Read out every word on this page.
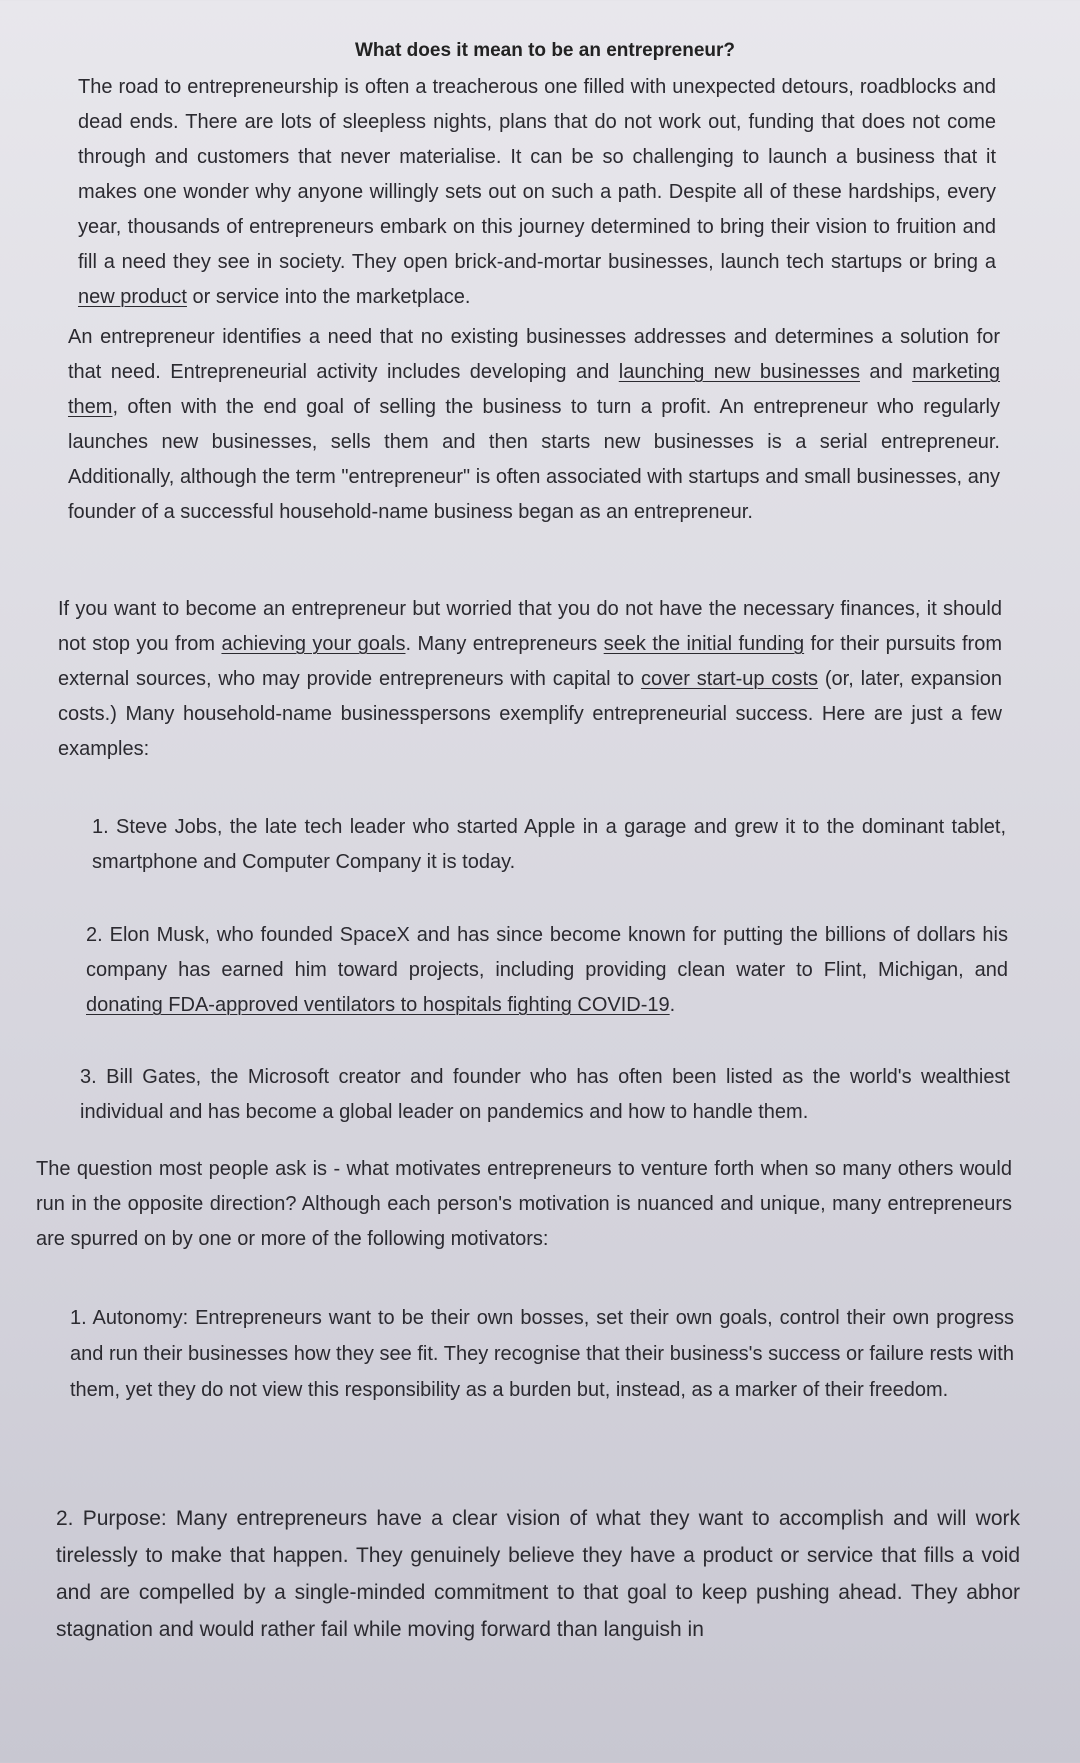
What does it mean to be an entrepreneur?

The road to entrepreneurship is often a treacherous one filled with unexpected detours, roadblocks and dead ends. There are lots of sleepless nights, plans that do not work out, funding that does not come through and customers that never materialise. It can be so challenging to launch a business that it makes one wonder why anyone willingly sets out on such a path. Despite all of these hardships, every year, thousands of entrepreneurs embark on this journey determined to bring their vision to fruition and fill a need they see in society. They open brick-and-mortar businesses, launch tech startups or bring a new product or service into the marketplace.

An entrepreneur identifies a need that no existing businesses addresses and determines a solution for that need. Entrepreneurial activity includes developing and launching new businesses and marketing them, often with the end goal of selling the business to turn a profit. An entrepreneur who regularly launches new businesses, sells them and then starts new businesses is a serial entrepreneur. Additionally, although the term "entrepreneur" is often associated with startups and small businesses, any founder of a successful household-name business began as an entrepreneur.

If you want to become an entrepreneur but worried that you do not have the necessary finances, it should not stop you from achieving your goals. Many entrepreneurs seek the initial funding for their pursuits from external sources, who may provide entrepreneurs with capital to cover start-up costs (or, later, expansion costs.) Many household-name businesspersons exemplify entrepreneurial success. Here are just a few examples:

1. Steve Jobs, the late tech leader who started Apple in a garage and grew it to the dominant tablet, smartphone and Computer Company it is today.
2. Elon Musk, who founded SpaceX and has since become known for putting the billions of dollars his company has earned him toward projects, including providing clean water to Flint, Michigan, and donating FDA-approved ventilators to hospitals fighting COVID-19.
3. Bill Gates, the Microsoft creator and founder who has often been listed as the world's wealthiest individual and has become a global leader on pandemics and how to handle them.
The question most people ask is - what motivates entrepreneurs to venture forth when so many others would run in the opposite direction? Although each person's motivation is nuanced and unique, many entrepreneurs are spurred on by one or more of the following motivators:
1. Autonomy: Entrepreneurs want to be their own bosses, set their own goals, control their own progress and run their businesses how they see fit. They recognise that their business's success or failure rests with them, yet they do not view this responsibility as a burden but, instead, as a marker of their freedom.
2. Purpose: Many entrepreneurs have a clear vision of what they want to accomplish and will work tirelessly to make that happen. They genuinely believe they have a product or service that fills a void and are compelled by a single-minded commitment to that goal to keep pushing ahead. They abhor stagnation and would rather fail while moving forward than languish in
